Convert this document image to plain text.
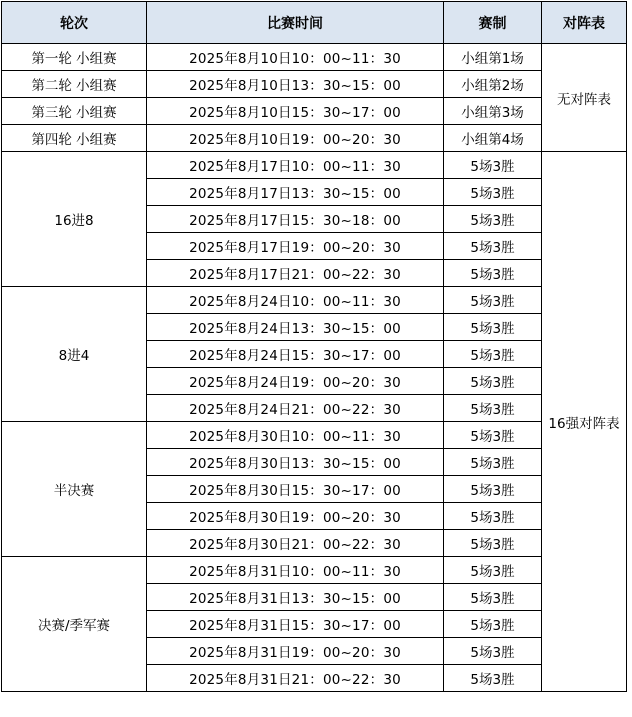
轮次	比赛时间	赛制	对阵表
第一轮 小组赛	2025年8月10日10：00~11：30	小组第1场	无对阵表
第二轮 小组赛	2025年8月10日13：30~15：00	小组第2场	
第三轮 小组赛	2025年8月10日15：30~17：00	小组第3场	
第四轮 小组赛	2025年8月10日19：00~20：30	小组第4场	
16进8	2025年8月17日10：00~11：30	5场3胜	16强对阵表
	2025年8月17日13：30~15：00	5场3胜	
	2025年8月17日15：30~18：00	5场3胜	
	2025年8月17日19：00~20：30	5场3胜	
	2025年8月17日21：00~22：30	5场3胜	
8进4	2025年8月24日10：00~11：30	5场3胜	
	2025年8月24日13：30~15：00	5场3胜	
	2025年8月24日15：30~17：00	5场3胜	
	2025年8月24日19：00~20：30	5场3胜	
	2025年8月24日21：00~22：30	5场3胜	
半决赛	2025年8月30日10：00~11：30	5场3胜	
	2025年8月30日13：30~15：00	5场3胜	
	2025年8月30日15：30~17：00	5场3胜	
	2025年8月30日19：00~20：30	5场3胜	
	2025年8月30日21：00~22：30	5场3胜	
决赛/季军赛	2025年8月31日10：00~11：30	5场3胜	
	2025年8月31日13：30~15：00	5场3胜	
	2025年8月31日15：30~17：00	5场3胜	
	2025年8月31日19：00~20：30	5场3胜	
	2025年8月31日21：00~22：30	5场3胜	
